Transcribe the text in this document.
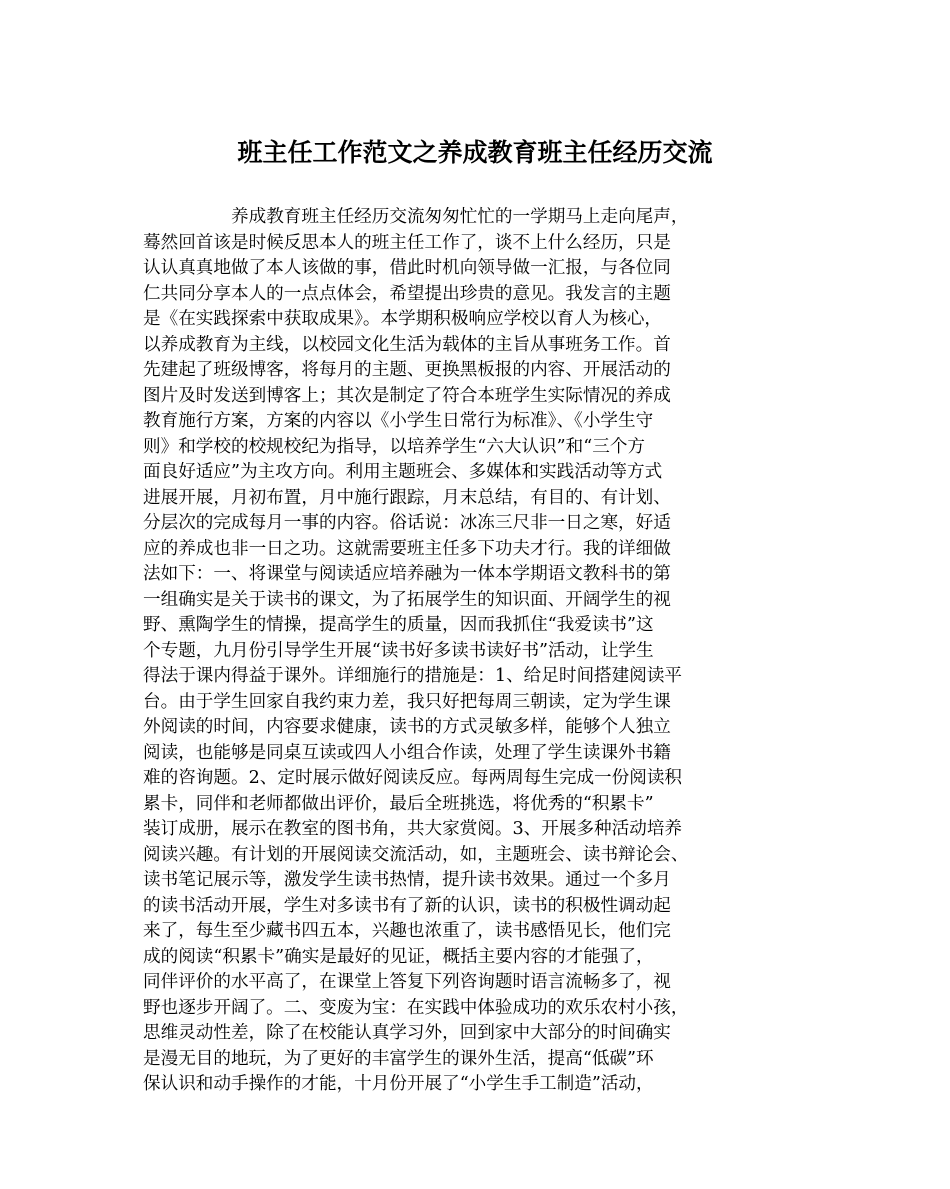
班主任工作范文之养成教育班主任经历交流
养成教育班主任经历交流匆匆忙忙的一学期马上走向尾声，
蓦然回首该是时候反思本人的班主任工作了，谈不上什么经历，只是
认认真真地做了本人该做的事，借此时机向领导做一汇报，与各位同
仁共同分享本人的一点点体会，希望提出珍贵的意见。我发言的主题
是《在实践探索中获取成果》。本学期积极响应学校以育人为核心，
以养成教育为主线，以校园文化生活为载体的主旨从事班务工作。首
先建起了班级博客，将每月的主题、更换黑板报的内容、开展活动的
图片及时发送到博客上；其次是制定了符合本班学生实际情况的养成
教育施行方案，方案的内容以《小学生日常行为标准》、《小学生守
则》和学校的校规校纪为指导，以培养学生“六大认识”和“三个方
面良好适应”为主攻方向。利用主题班会、多媒体和实践活动等方式
进展开展，月初布置，月中施行跟踪，月末总结，有目的、有计划、
分层次的完成每月一事的内容。俗话说：冰冻三尺非一日之寒，好适
应的养成也非一日之功。这就需要班主任多下功夫才行。我的详细做
法如下：一、将课堂与阅读适应培养融为一体本学期语文教科书的第
一组确实是关于读书的课文，为了拓展学生的知识面、开阔学生的视
野、熏陶学生的情操，提高学生的质量，因而我抓住“我爱读书”这
个专题，九月份引导学生开展“读书好多读书读好书”活动，让学生
得法于课内得益于课外。详细施行的措施是：1、给足时间搭建阅读平
台。由于学生回家自我约束力差，我只好把每周三朝读，定为学生课
外阅读的时间，内容要求健康，读书的方式灵敏多样，能够个人独立
阅读，也能够是同桌互读或四人小组合作读，处理了学生读课外书籍
难的咨询题。2、定时展示做好阅读反应。每两周每生完成一份阅读积
累卡，同伴和老师都做出评价，最后全班挑选，将优秀的“积累卡”
装订成册，展示在教室的图书角，共大家赏阅。3、开展多种活动培养
阅读兴趣。有计划的开展阅读交流活动，如，主题班会、读书辩论会、
读书笔记展示等，激发学生读书热情，提升读书效果。通过一个多月
的读书活动开展，学生对多读书有了新的认识，读书的积极性调动起
来了，每生至少藏书四五本，兴趣也浓重了，读书感悟见长，他们完
成的阅读“积累卡”确实是最好的见证，概括主要内容的才能强了，
同伴评价的水平高了，在课堂上答复下列咨询题时语言流畅多了，视
野也逐步开阔了。二、变废为宝：在实践中体验成功的欢乐农村小孩，
思维灵动性差，除了在校能认真学习外，回到家中大部分的时间确实
是漫无目的地玩，为了更好的丰富学生的课外生活，提高“低碳”环
保认识和动手操作的才能，十月份开展了“小学生手工制造”活动，
